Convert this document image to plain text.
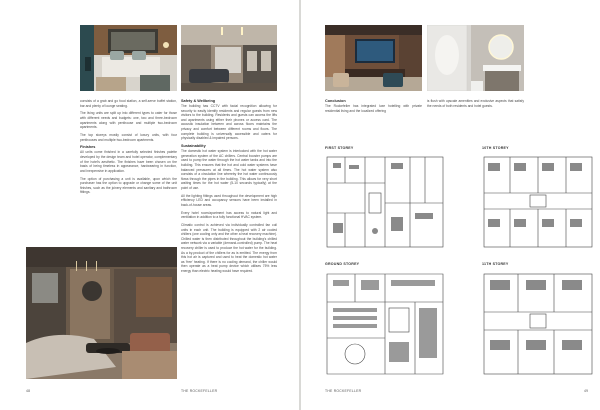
consists of a grab and go food station, a self-serve buffet station, bar and plenty of lounge seating.

The living units are split up into different types to cater for those with different needs and budgets: one, two and three-bedroom apartments along with penthouse and multiple two-bedroom apartments.

The top storeys mostly consist of luxury units, with four penthouses and multiple two-bedroom apartments.

Finishes

All units come finished in a carefully selected finishes palette developed by the design team and hotel operator, complementary of the hotel's aesthetic. The finishes have been chosen on the basis of being timeless in appearance, hardwearing in function, and inexpensive in application.

The option of purchasing a unit is available, upon which the purchaser has the option to upgrade or change some of the unit finishes, such as the joinery elements and sanitary and bathroom fittings.

Safety & Wellbeing

The building has CCTV with facial recognition allowing for security to easily identify residents and regular guests from new visitors to the building. Residents and guests can access the lifts and apartments using either their phones or access card. The acoustic insulation between and across floors maintains the privacy and comfort between different rooms and floors. The complete building is universally accessible and caters for physically disabled & impaired persons.

Sustainability

The domestic hot water system is interlocked with the hot water generation system of the AC chillers. Central booster pumps are used to pump the water through the hot water tanks and into the building. This ensures that the hot and cold water systems have balanced pressures at all times. The hot water system also consists of a circulation line whereby the hot water continuously flows through the pipes in the building. This allows for very short waiting times for the hot water (5-10 seconds typically) at the point of use.

All the lighting fittings used throughout the development are high efficiency LED and occupancy sensors have been installed in back-of-house areas.

Every hotel room/apartment has access to natural light and ventilation in addition to a fully functional HVAC system.

Climatic control is achieved via individually controlled fan coil units in each unit. The building is equipped with 2 air cooled chillers (one cooling only and the other a heat recovery machine). Chilled water is then distributed throughout the building's chilled water network via a variable (demand-controlled) pump. The heat recovery chiller is used to produce the hot water for the building. As a by-product of the chillers for as is emitted. The energy from this hot air is captured and used to heat the domestic hot water as 'free' heating. If there is no cooling demand, the chiller would then operate as a heat pump device which utilises 75% less energy than electric heating would have required.

48	THE ROCKEFELLER
Conclusion

The Rockefeller has integrated luxe hotelling with private residential living and the localized offering

is flush with upscale amenities and exclusive aspects that satisfy the needs of both residents and hotel guests.

FIRST STOREY	10TH STOREY
GROUND STOREY	11TH STOREY
THE ROCKEFELLER	49
